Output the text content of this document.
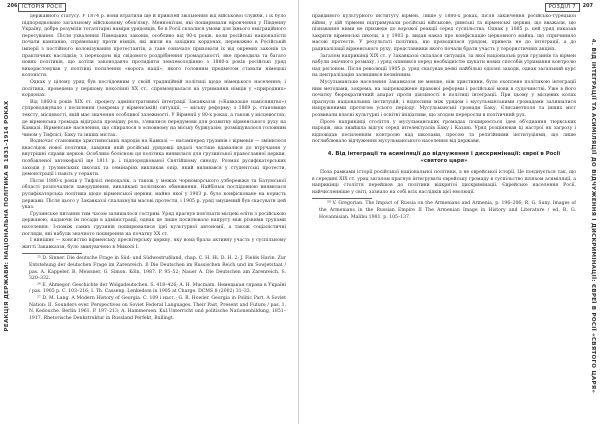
206 ІСТОРІЯ РОСІЇ
РЕАКЦІЯ ДЕРЖАВИ: НАЦІОНАЛЬНА ПОЛІТИКА В 1831–1914 РОКАХ

державного статусу. У 1874 р. вони втратили ще й привілей звільнення від військової служби, і їх було підпорядковано загальному військовому обов'язку. Меннонітам, які поширювали віровчення у Південну Україну, добре розуміли тоталітарні наміри урядовців, бо в Росії склалися умови для їхнього еміграційного пересування. Після ухвалення Пімецьких законів, особливо від 90-х років, коли російські націоналісти почали кампанію, спрямовану проти німців, які жили на західних кордонах, переважно в Російській імперії з постійного колонізування протестантів, а таке означало приховати їх від окремих законів та практичних наслідків; з переходом від свідомого роздрібнення громадськості, яке проводила та багато нових політиків, що хотіли законодавчо протидіяти землеволодінню з 1880-х років російські уряд використовував у політиці посилення «ворога нації», якого головним предметом ставали німецькі колоністи.

Однак у цілому уряд був послідовним у своїй традиційній політиці щодо німецького населення; і політика, проведена у першому поколінні XX ст., спрямовувалася на утримання німців у «природних» кордонах.

Від 1860-х років XIX ст. процесу адміністративної інтеграції Закавказзя («Кавказьке намісництво») супроводжувало і посилення (зокрема у вірменській) ситуації, — міську реформу; з 1869 р. становище тексту, місцевості, якій має значення особливої залежності. У Вірменії у 80-х роках, а також у місцевостях, де вірменська громада відіграла провідну роль, з'явилися передумови для розвитку вірменського руху на Кавказі. Вірменське населення, що спиралося в основному на міську буржуазію, розміщувалося головним чином у Тифлісі, Баку та інших містах.

Водночас становище християнських народів на Кавказі — насамперед грузинів і вірменів — змінилося внаслідок нової політики, завдяки якій російські урядовці дедалі частіше вдавалися до втручання у внутрішні справи церков. Особливо болісною ця політика виявилася для грузинської православної церкви, позбавленої автокефалії ще 1811 р. і підпорядкованої Святійшому синоду. Розмах русифікаторських заходів у грузинських школах та семінаріях викликав опір, який виливався у студентські протести, демонстрації і навіть у теракти.

Після 1880-х років у Тифлісі неподалік, а також у межах чорноморського узбережжя та Батумської області розпочалися заворушення, викликані політикою обмеження. Найбільш послідовною виявилася русифікаторська політика щодо вірменської церкви, майно якої у 1903 р. було конфісковане на користь держави. Після цього у Закавказзі спалахнули масові протести, і 1905 р. уряд змушений був скасувати цей указ.

Грузинське питання тим часом залишалося гострим. Уряд прагнув пов'язати місцеві еліти з російською державою, надаючи їм посади в адміністрації, однак це лише посилювало напругу між різними групами населення. З-поміж самих грузинів поширювалися ідеї культурної автономії, а також соціалістичні погляди, які набули значного поширення на початку XX ст.

І нинішнє — консистію вірменську пресвітерську церкву, яку вона брала активну участь у суспільному житті Закавказзя, було звинувачено в Миколі І.

²⁵ D. Sinner. Die deutsche Frage in Süd- und Südwestrußland, chap. C. H. Hi. D. H. 2; J. Fields Havin. Zur Entstehung der deutschen Frage im Zarenreich. Il Die Deutschen im Russischen Reich und im Sowjetstaat / pas. A. Kappeler, B. Meissner, G. Simon. Köln, 1987. P. 95–52; Nauer A. Die Deutschen am Zarenreich. S. 320–332.

²⁶ E. Ahmegor. Geschichte der Wolgadeutschen. S. 418–426; A. H. Mucmam. Немецькая справа в Україні / pas. 1905 р. C. 103–216; I. Th. Cassenp. Lenkedom in 1905 at Charge. DCMS 8 (2002) 31–33.

²⁷ D. M. Lang. A Modern History of Georgia. C. 109 і наст.; G. R. Howler. Georgia in Politic Part. A Soviet Nation: II. Sounders ever. Perspectives on Soviet Federal Languages. Their Past, Present and Future / pas. 1. N. Kedouche. Berlin 1961. P. 197–213; A. Hammersen. Kul.Unterricht und politische Nationenhildung, 1851–1917. Rhetorische Denkstruktur in Russland Perfekt, Bullingt.

207
РОЗДІЛ 7
4. ВІД ІНТЕГРАЦІЇ ТА АСИМІЛЯЦІЇ ДО ВІДЧУЖЕННЯ І ДИСКРИМІНАЦІЇ: ЄВРЕЇ В РОСІЇ «СВЯТОГО ЦАРЯ»

правдивого культурного інституту вірмен. Лише у 1880-х роках, після закінчення російсько-турецької війни, у цій тірмени підтримували російські військове, римські та вірменські церкви, що вважали, що пізнавання ними не призведе до ворожої реакції серед суспільства. Однак у 1885 р. цей уряд наказав закрити вірменські школи, а у 1903 р. видав наказ про конфіскацію церковного майна, що спричинило масові протести. У результаті політика, що проводилася урядом, привела не до інтеграції, а до радикалізації вірменського руху, представники якого почали брати участь у терористичних акціях.

Загалом наприкінці XIX ст. у Закавказзі склалася ситуація, за якої національні рухи грузинів та вірмен набули значного розмаху, і уряд опинився перед необхідністю шукати нових способів утримання контролю над регіоном. Після революції 1905 р. уряд скасував деякі найбільш одіозні заходи, однак загальний курс на централізацію залишився незмінним.

Мусульманське населення Закавказзя не менше, ніж християни, було охоплене політикою інтеграції ним методами, зокрема, на запроваджене правової реформи і російської мови в судочинстві. Уже в його початку бюрократичний апарат проти діяльності в політиці інтеграції. При цьому у місцевих колах прагнули національних інституцій, і відносини між урядом і мусульманськими громадами залишалися напруженими протягом усього періоду. Мусульманські громади Баку, Єлисаветполя та інших міст розвивали власні культурні і освітні ініціативи, що згодом переросли в політичний рух.

Проте наприкінці століття у мусульманських громадах поширюється ідея об'єднання тюркських народів, яка знайшла відгук серед інтелектуалів Баку і Казані. Уряд розцінював ці настрої як загрозу і відповідав посиленням контролю над школами, пресою та релігійними інституціями, що лише поглиблювало відчуження мусульманського населення від держави.

4. Від інтеграції та асиміляції до відчуження і дискримінації: євреї в Росії «святого царя»

Поза рамками історії російської національної політики, а не єврейської історії, Це поєднується так, що в середині XIX ст. уряд загалом прагнув інтегрувати єврейську громаду в суспільство шляхом асиміляції, а наприкінці століття перейшов до політики відкритої дискримінації. Єврейське населення Росії, найчисленніше у світі, зазнало на собі всіх наслідків цієї еволюції.

²⁸ V. Gregorian. The Impact of Russia on the Armenians and Armenia, p. 196–206; R. G. Suny. Images of the Armenians in the Russian Empire II The Armenian Image in History and Literature / ed. R. G. Hovannisian. Malibu 1981. p. 105–137.
